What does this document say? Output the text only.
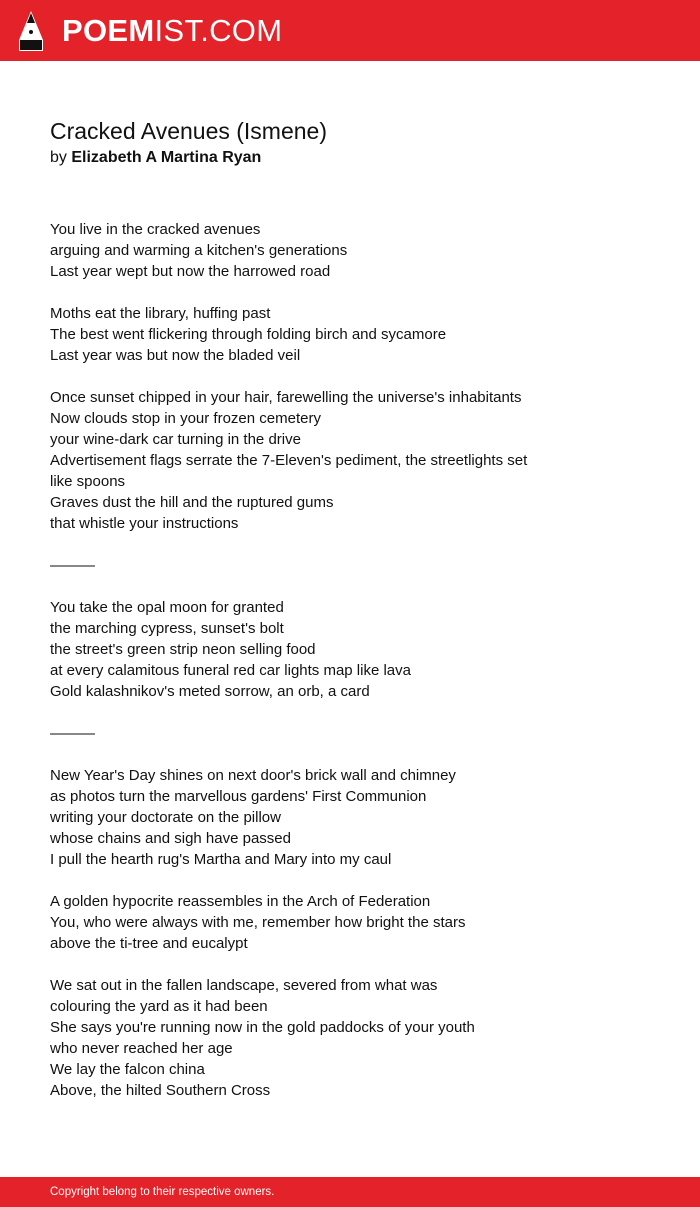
POEMIST.COM
Cracked Avenues (Ismene)

by Elizabeth A Martina Ryan

You live in the cracked avenues
arguing and warming a kitchen's generations
Last year wept but now the harrowed road
Moths eat the library, huffing past
The best went flickering through folding birch and sycamore
Last year was but now the bladed veil
Once sunset chipped in your hair, farewelling the universe's inhabitants
Now clouds stop in your frozen cemetery
your wine-dark car turning in the drive
Advertisement flags serrate the 7-Eleven's pediment, the streetlights set
like spoons
Graves dust the hill and the ruptured gums
that whistle your instructions
———
You take the opal moon for granted
the marching cypress, sunset's bolt
the street's green strip neon selling food
at every calamitous funeral red car lights map like lava
Gold kalashnikov's meted sorrow, an orb, a card
———
New Year's Day shines on next door's brick wall and chimney
as photos turn the marvellous gardens' First Communion
writing your doctorate on the pillow
whose chains and sigh have passed
I pull the hearth rug's Martha and Mary into my caul
A golden hypocrite reassembles in the Arch of Federation
You, who were always with me, remember how bright the stars
above the ti-tree and eucalypt
We sat out in the fallen landscape, severed from what was
colouring the yard as it had been
She says you're running now in the gold paddocks of your youth
who never reached her age
We lay the falcon china
Above, the hilted Southern Cross
Copyright belong to their respective owners.
